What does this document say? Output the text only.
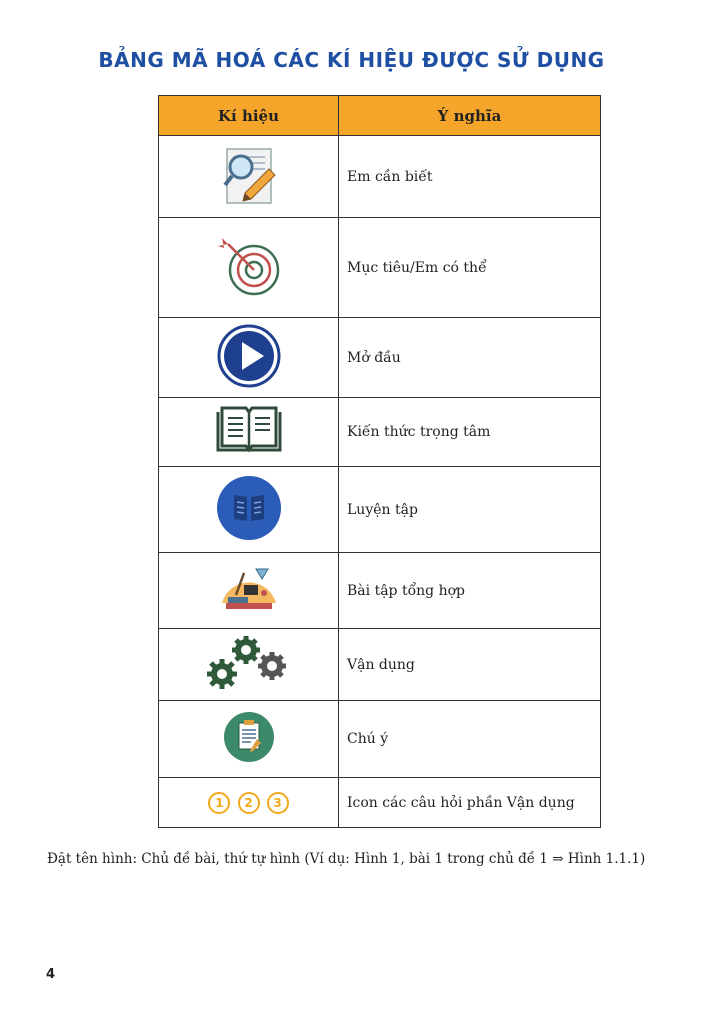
BẢNG MÃ HOÁ CÁC KÍ HIỆU ĐƯỢC SỬ DỤNG
Kí hiệu	Ý nghĩa
	Em cần biết
	Mục tiêu/Em có thể
	Mở đầu
	Kiến thức trọng tâm
	Luyện tập
	Bài tập tổng hợp
	Vận dụng
	Chú ý
1 2 3	Icon các câu hỏi phần Vận dụng
Đặt tên hình: Chủ đề bài, thứ tự hình (Ví dụ: Hình 1, bài 1 trong chủ đề 1 ⇒ Hình 1.1.1)
4
